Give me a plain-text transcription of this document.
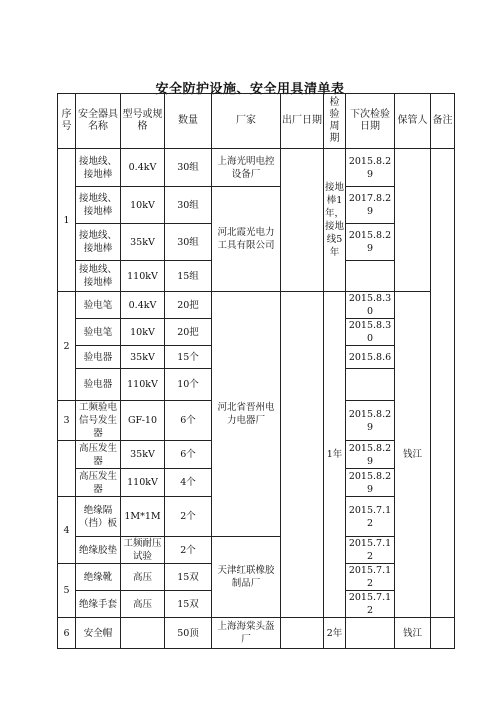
安全防护设施、安全用具清单表
序号	安全器具名称	型号或规格	数量	厂家	出厂日期	检验周期	下次检验日期	保管人	备注
1	接地线、接地棒	0.4kV	30组	上海光明电控设备厂		接地棒1年，接地线5年	2015.8.29		
	接地线、接地棒	10kV	30组	河北霞光电力工具有限公司			2017.8.29		
	接地线、接地棒	35kV	30组				2015.8.29		
	接地线、接地棒	110kV	15组						
2	验电笔	0.4kV	20把	河北省晋州电力电器厂		1年	2015.8.30	钱江	
	验电笔	10kV	20把				2015.8.30		
	验电器	35kV	15个				2015.8.6		
	验电器	110kV	10个						
3	工频验电信号发生器	GF-10	6个				2015.8.29		
	高压发生器	35kV	6个				2015.8.29		
	高压发生器	110kV	4个				2015.8.29		
4	绝缘隔（挡）板	1M*1M	2个				2015.7.12		
	绝缘胶垫	工频耐压试验	2个	天津红联橡胶制品厂			2015.7.12		
5	绝缘靴	高压	15双				2015.7.12		
	绝缘手套	高压	15双				2015.7.12		
6	安全帽		50顶	上海海棠头盔厂		2年		钱江	
